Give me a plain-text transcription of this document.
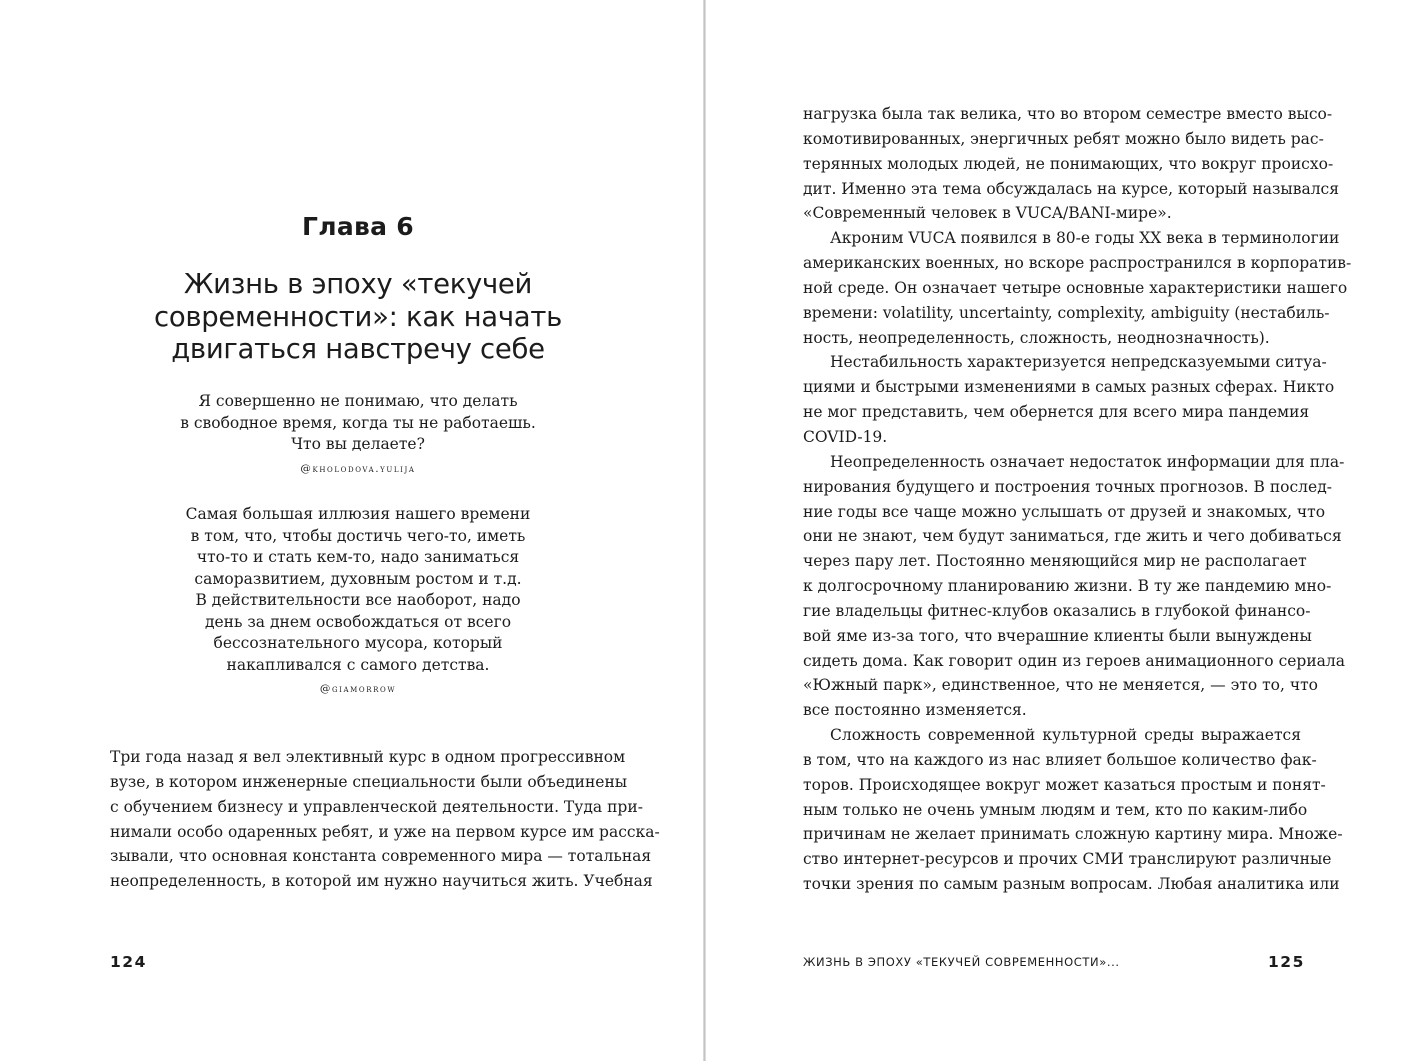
Глава 6
Жизнь в эпоху «текучей
современности»: как начать
двигаться навстречу себе
Я совершенно не понимаю, что делать
в свободное время, когда ты не работаешь.
Что вы делаете?
@kholodova.yulija
Самая большая иллюзия нашего времени
в том, что, чтобы достичь чего-то, иметь
что-то и стать кем-то, надо заниматься
саморазвитием, духовным ростом и т.д.
В действительности все наоборот, надо
день за днем освобождаться от всего
бессознательного мусора, который
накапливался с самого детства.
@giamorrow
Три года назад я вел элективный курс в одном прогрессивном
вузе, в котором инженерные специальности были объединены
с обучением бизнесу и управленческой деятельности. Туда при-
нимали особо одаренных ребят, и уже на первом курсе им расска-
зывали, что основная константа современного мира — тотальная
неопределенность, в которой им нужно научиться жить. Учебная
124
нагрузка была так велика, что во втором семестре вместо высо-
комотивированных, энергичных ребят можно было видеть рас-
терянных молодых людей, не понимающих, что вокруг происхо-
дит. Именно эта тема обсуждалась на курсе, который назывался
«Современный человек в VUCA/BANI-мире».
Акроним VUCA появился в 80-е годы XX века в терминологии
американских военных, но вскоре распространился в корпоратив-
ной среде. Он означает четыре основные характеристики нашего
времени: volatility, uncertainty, complexity, ambiguity (нестабиль-
ность, неопределенность, сложность, неоднозначность).
Нестабильность характеризуется непредсказуемыми ситуа-
циями и быстрыми изменениями в самых разных сферах. Никто
не мог представить, чем обернется для всего мира пандемия
COVID-19.
Неопределенность означает недостаток информации для пла-
нирования будущего и построения точных прогнозов. В послед-
ние годы все чаще можно услышать от друзей и знакомых, что
они не знают, чем будут заниматься, где жить и чего добиваться
через пару лет. Постоянно меняющийся мир не располагает
к долгосрочному планированию жизни. В ту же пандемию мно-
гие владельцы фитнес-клубов оказались в глубокой финансо-
вой яме из-за того, что вчерашние клиенты были вынуждены
сидеть дома. Как говорит один из героев анимационного сериала
«Южный парк», единственное, что не меняется, — это то, что
все постоянно изменяется.
Сложность современной культурной среды выражается
в том, что на каждого из нас влияет большое количество фак-
торов. Происходящее вокруг может казаться простым и понят-
ным только не очень умным людям и тем, кто по каким-либо
причинам не желает принимать сложную картину мира. Множе-
ство интернет-ресурсов и прочих СМИ транслируют различные
точки зрения по самым разным вопросам. Любая аналитика или
ЖИЗНЬ В ЭПОХУ «ТЕКУЧЕЙ СОВРЕМЕННОСТИ»...	125
